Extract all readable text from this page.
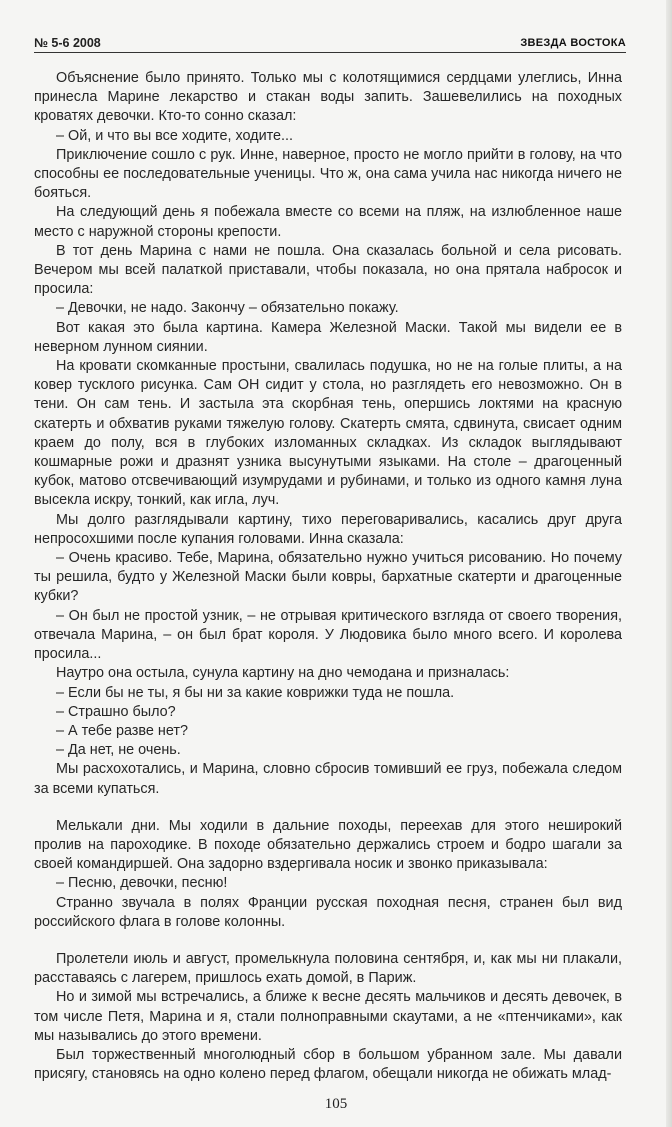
№ 5-6 2008	ЗВЕЗДА ВОСТОКА

Объяснение было принято. Только мы с колотящимися сердцами улеглись, Инна принесла Марине лекарство и стакан воды запить. Зашевелились на походных кроватях девочки. Кто-то сонно сказал:

– Ой, и что вы все ходите, ходите...

Приключение сошло с рук. Инне, наверное, просто не могло прийти в голову, на что способны ее последовательные ученицы. Что ж, она сама учила нас никогда ничего не бояться.

На следующий день я побежала вместе со всеми на пляж, на излюбленное наше место с наружной стороны крепости.

В тот день Марина с нами не пошла. Она сказалась больной и села рисовать. Вечером мы всей палаткой приставали, чтобы показала, но она прятала набросок и просила:

– Девочки, не надо. Закончу – обязательно покажу.

Вот какая это была картина. Камера Железной Маски. Такой мы видели ее в неверном лунном сиянии.

На кровати скомканные простыни, свалилась подушка, но не на голые плиты, а на ковер тусклого рисунка. Сам ОН сидит у стола, но разглядеть его невозможно. Он в тени. Он сам тень. И застыла эта скорбная тень, опершись локтями на красную скатерть и обхватив руками тяжелую голову. Скатерть смята, сдвинута, свисает одним краем до полу, вся в глубоких изломанных складках. Из складок выглядывают кошмарные рожи и дразнят узника высунутыми языками. На столе – драгоценный кубок, матово отсвечивающий изумрудами и рубинами, и только из одного камня луна высекла искру, тонкий, как игла, луч.

Мы долго разглядывали картину, тихо переговаривались, касались друг друга непросохшими после купания головами. Инна сказала:

– Очень красиво. Тебе, Марина, обязательно нужно учиться рисованию. Но почему ты решила, будто у Железной Маски были ковры, бархатные скатерти и драгоценные кубки?

– Он был не простой узник, – не отрывая критического взгляда от своего творения, отвечала Марина, – он был брат короля. У Людовика было много всего. И королева просила...

Наутро она остыла, сунула картину на дно чемодана и призналась:

– Если бы не ты, я бы ни за какие коврижки туда не пошла.

– Страшно было?

– А тебе разве нет?

– Да нет, не очень.

Мы расхохотались, и Марина, словно сбросив томивший ее груз, побежала следом за всеми купаться.

Мелькали дни. Мы ходили в дальние походы, переехав для этого неширокий пролив на пароходике. В походе обязательно держались строем и бодро шагали за своей командиршей. Она задорно вздергивала носик и звонко приказывала:

– Песню, девочки, песню!

Странно звучала в полях Франции русская походная песня, странен был вид российского флага в голове колонны.

Пролетели июль и август, промелькнула половина сентября, и, как мы ни плакали, расставаясь с лагерем, пришлось ехать домой, в Париж.

Но и зимой мы встречались, а ближе к весне десять мальчиков и десять девочек, в том числе Петя, Марина и я, стали полноправными скаутами, а не «птенчиками», как мы назывались до этого времени.

Был торжественный многолюдный сбор в большом убранном зале. Мы давали присягу, становясь на одно колено перед флагом, обещали никогда не обижать млад-

105
